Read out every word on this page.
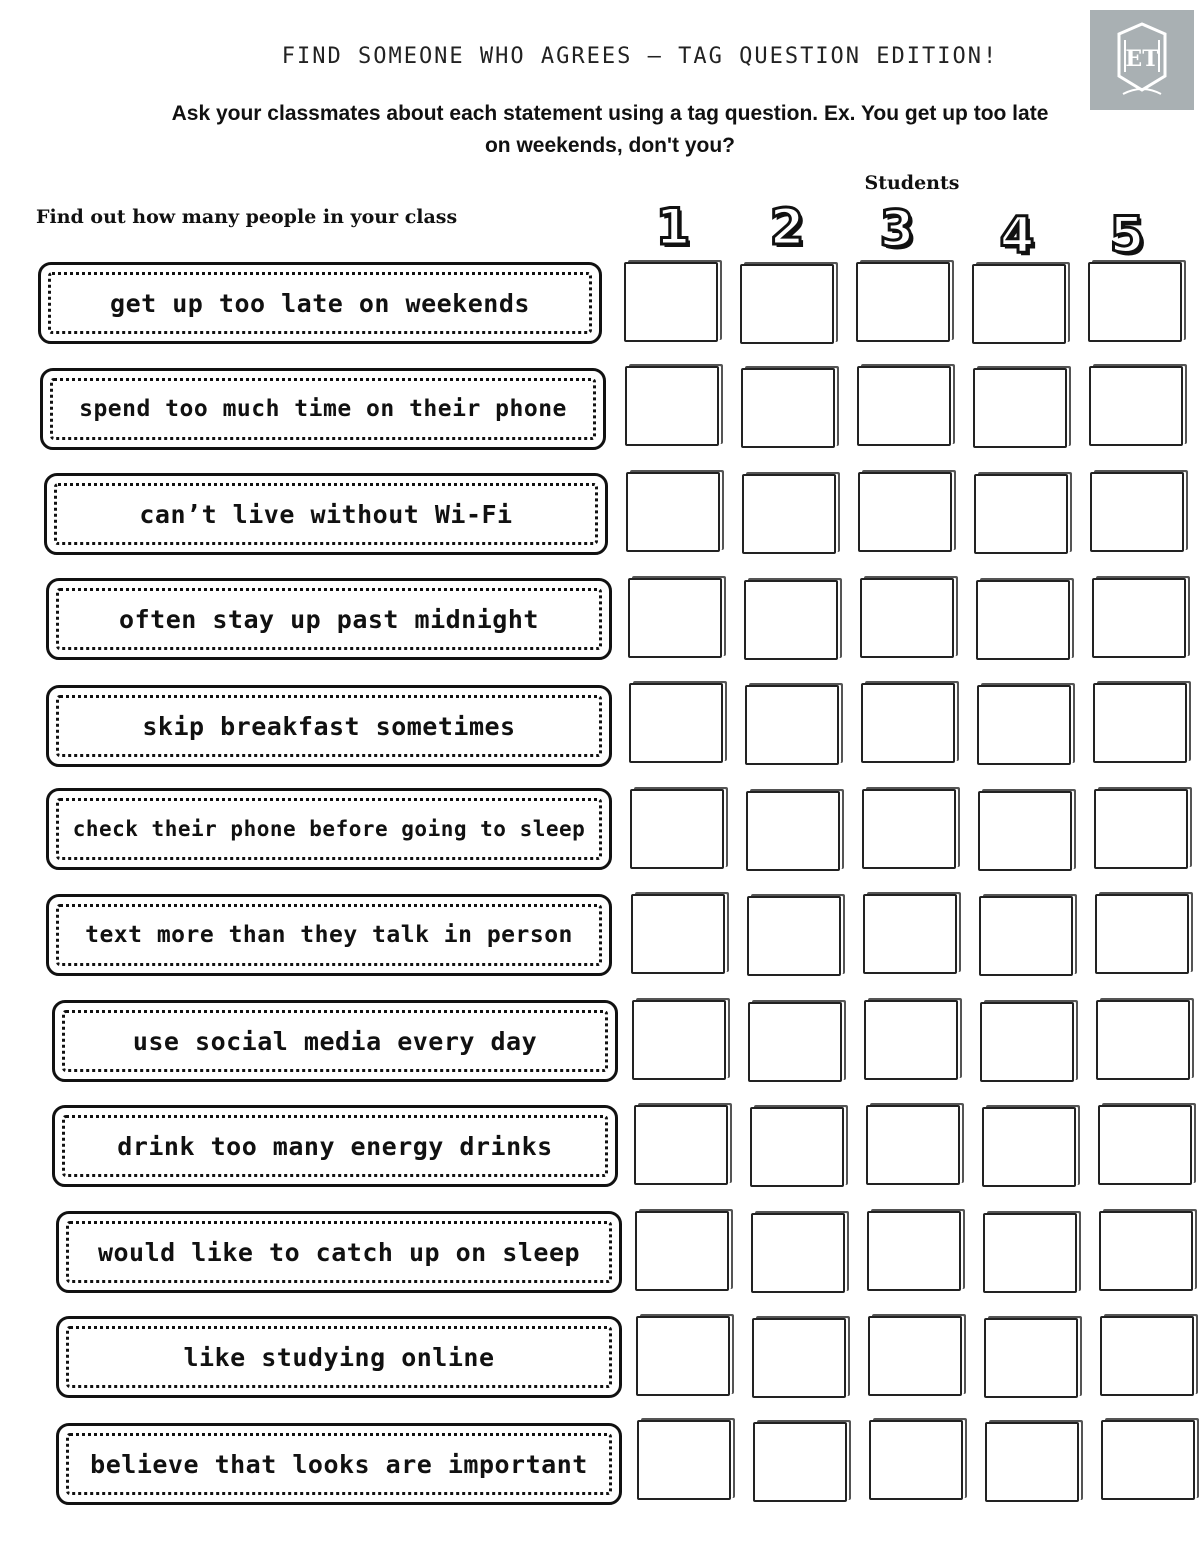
FIND SOMEONE WHO AGREES – TAG QUESTION EDITION!	ET
Ask your classmates about each statement using a tag question. Ex. You get up too late on weekends, don't you?
Students
Find out how many people in your class	1	2	3	4	5
get up too late on weekends
spend too much time on their phone
can’t live without Wi-Fi
often stay up past midnight
skip breakfast sometimes
check their phone before going to sleep
text more than they talk in person
use social media every day
drink too many energy drinks
would like to catch up on sleep
like studying online
believe that looks are important
